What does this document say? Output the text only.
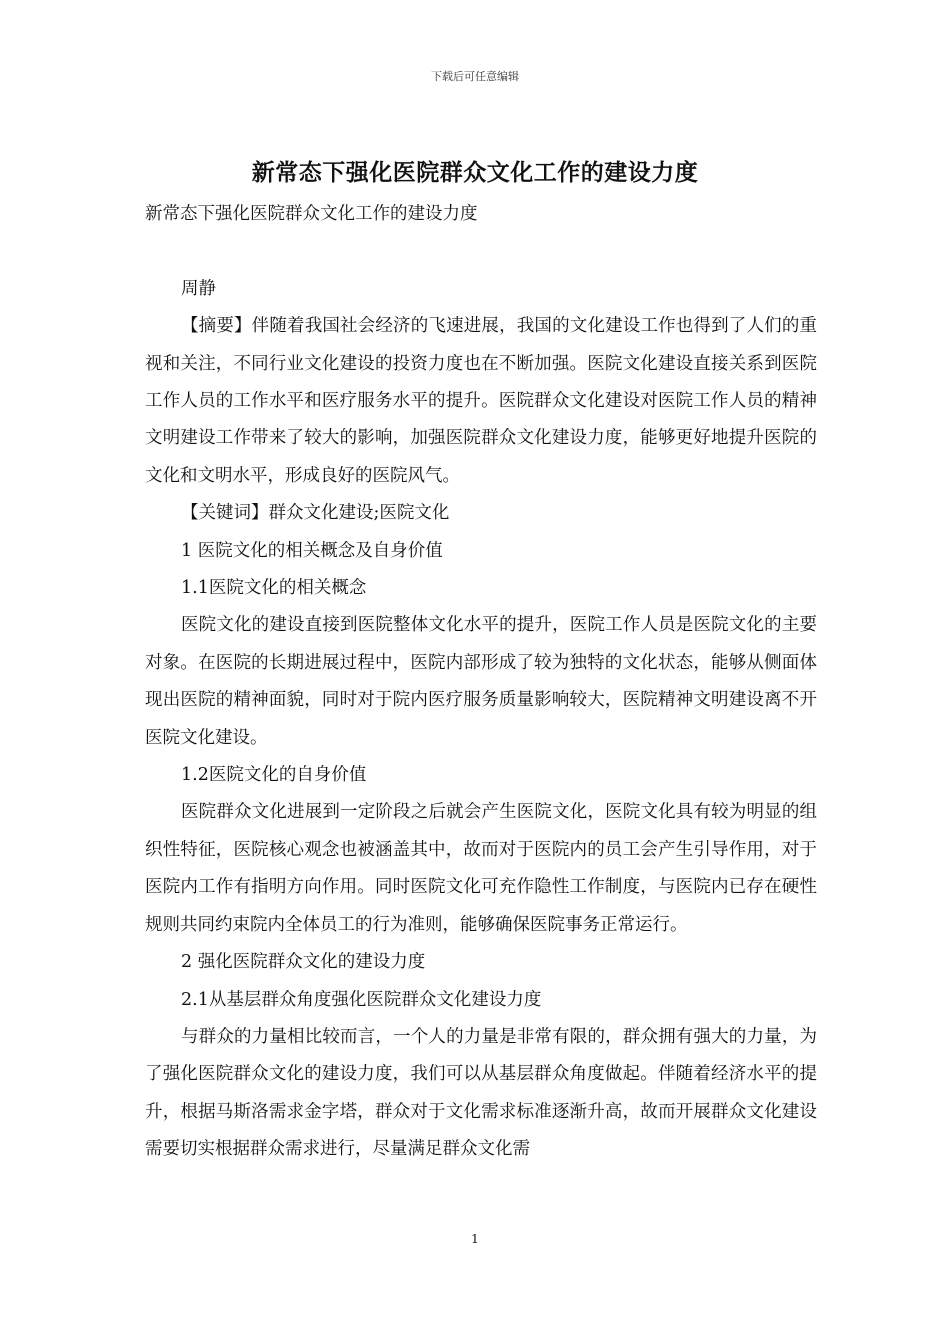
下载后可任意编辑
新常态下强化医院群众文化工作的建设力度

新常态下强化医院群众文化工作的建设力度

周静

【摘要】伴随着我国社会经济的飞速进展，我国的文化建设工作也得到了人们的重视和关注，不同行业文化建设的投资力度也在不断加强。医院文化建设直接关系到医院工作人员的工作水平和医疗服务水平的提升。医院群众文化建设对医院工作人员的精神文明建设工作带来了较大的影响，加强医院群众文化建设力度，能够更好地提升医院的文化和文明水平，形成良好的医院风气。

【关键词】群众文化建设;医院文化

1 医院文化的相关概念及自身价值

1.1医院文化的相关概念

医院文化的建设直接到医院整体文化水平的提升，医院工作人员是医院文化的主要对象。在医院的长期进展过程中，医院内部形成了较为独特的文化状态，能够从侧面体现出医院的精神面貌，同时对于院内医疗服务质量影响较大，医院精神文明建设离不开医院文化建设。

1.2医院文化的自身价值

医院群众文化进展到一定阶段之后就会产生医院文化，医院文化具有较为明显的组织性特征，医院核心观念也被涵盖其中，故而对于医院内的员工会产生引导作用，对于医院内工作有指明方向作用。同时医院文化可充作隐性工作制度，与医院内已存在硬性规则共同约束院内全体员工的行为准则，能够确保医院事务正常运行。

2 强化医院群众文化的建设力度

2.1从基层群众角度强化医院群众文化建设力度

与群众的力量相比较而言，一个人的力量是非常有限的，群众拥有强大的力量，为了强化医院群众文化的建设力度，我们可以从基层群众角度做起。伴随着经济水平的提升，根据马斯洛需求金字塔，群众对于文化需求标准逐渐升高，故而开展群众文化建设需要切实根据群众需求进行，尽量满足群众文化需

1
